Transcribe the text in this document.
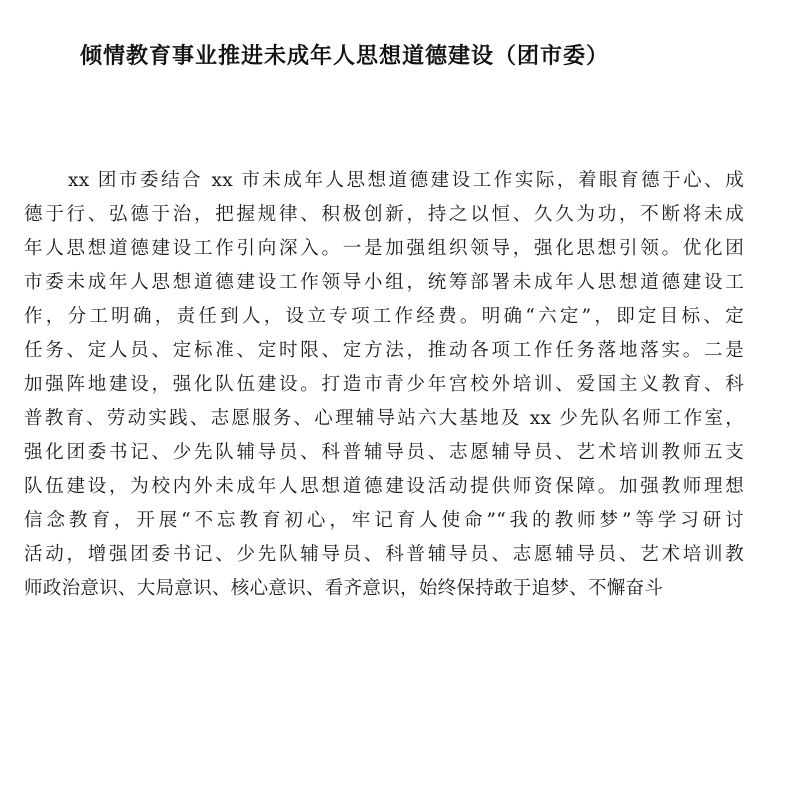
倾情教育事业推进未成年人思想道德建设（团市委）
xx 团市委结合 xx 市未成年人思想道德建设工作实际，着眼育德于心、成
德于行、弘德于治，把握规律、积极创新，持之以恒、久久为功，不断将未成
年人思想道德建设工作引向深入。一是加强组织领导，强化思想引领。优化团
市委未成年人思想道德建设工作领导小组，统筹部署未成年人思想道德建设工
作，分工明确，责任到人，设立专项工作经费。明确“六定”，即定目标、定
任务、定人员、定标准、定时限、定方法，推动各项工作任务落地落实。二是
加强阵地建设，强化队伍建设。打造市青少年宫校外培训、爱国主义教育、科
普教育、劳动实践、志愿服务、心理辅导站六大基地及 xx 少先队名师工作室，
强化团委书记、少先队辅导员、科普辅导员、志愿辅导员、艺术培训教师五支
队伍建设，为校内外未成年人思想道德建设活动提供师资保障。加强教师理想
信念教育，开展“不忘教育初心，牢记育人使命”“我的教师梦”等学习研讨
活动，增强团委书记、少先队辅导员、科普辅导员、志愿辅导员、艺术培训教
师政治意识、大局意识、核心意识、看齐意识，始终保持敢于追梦、不懈奋斗
